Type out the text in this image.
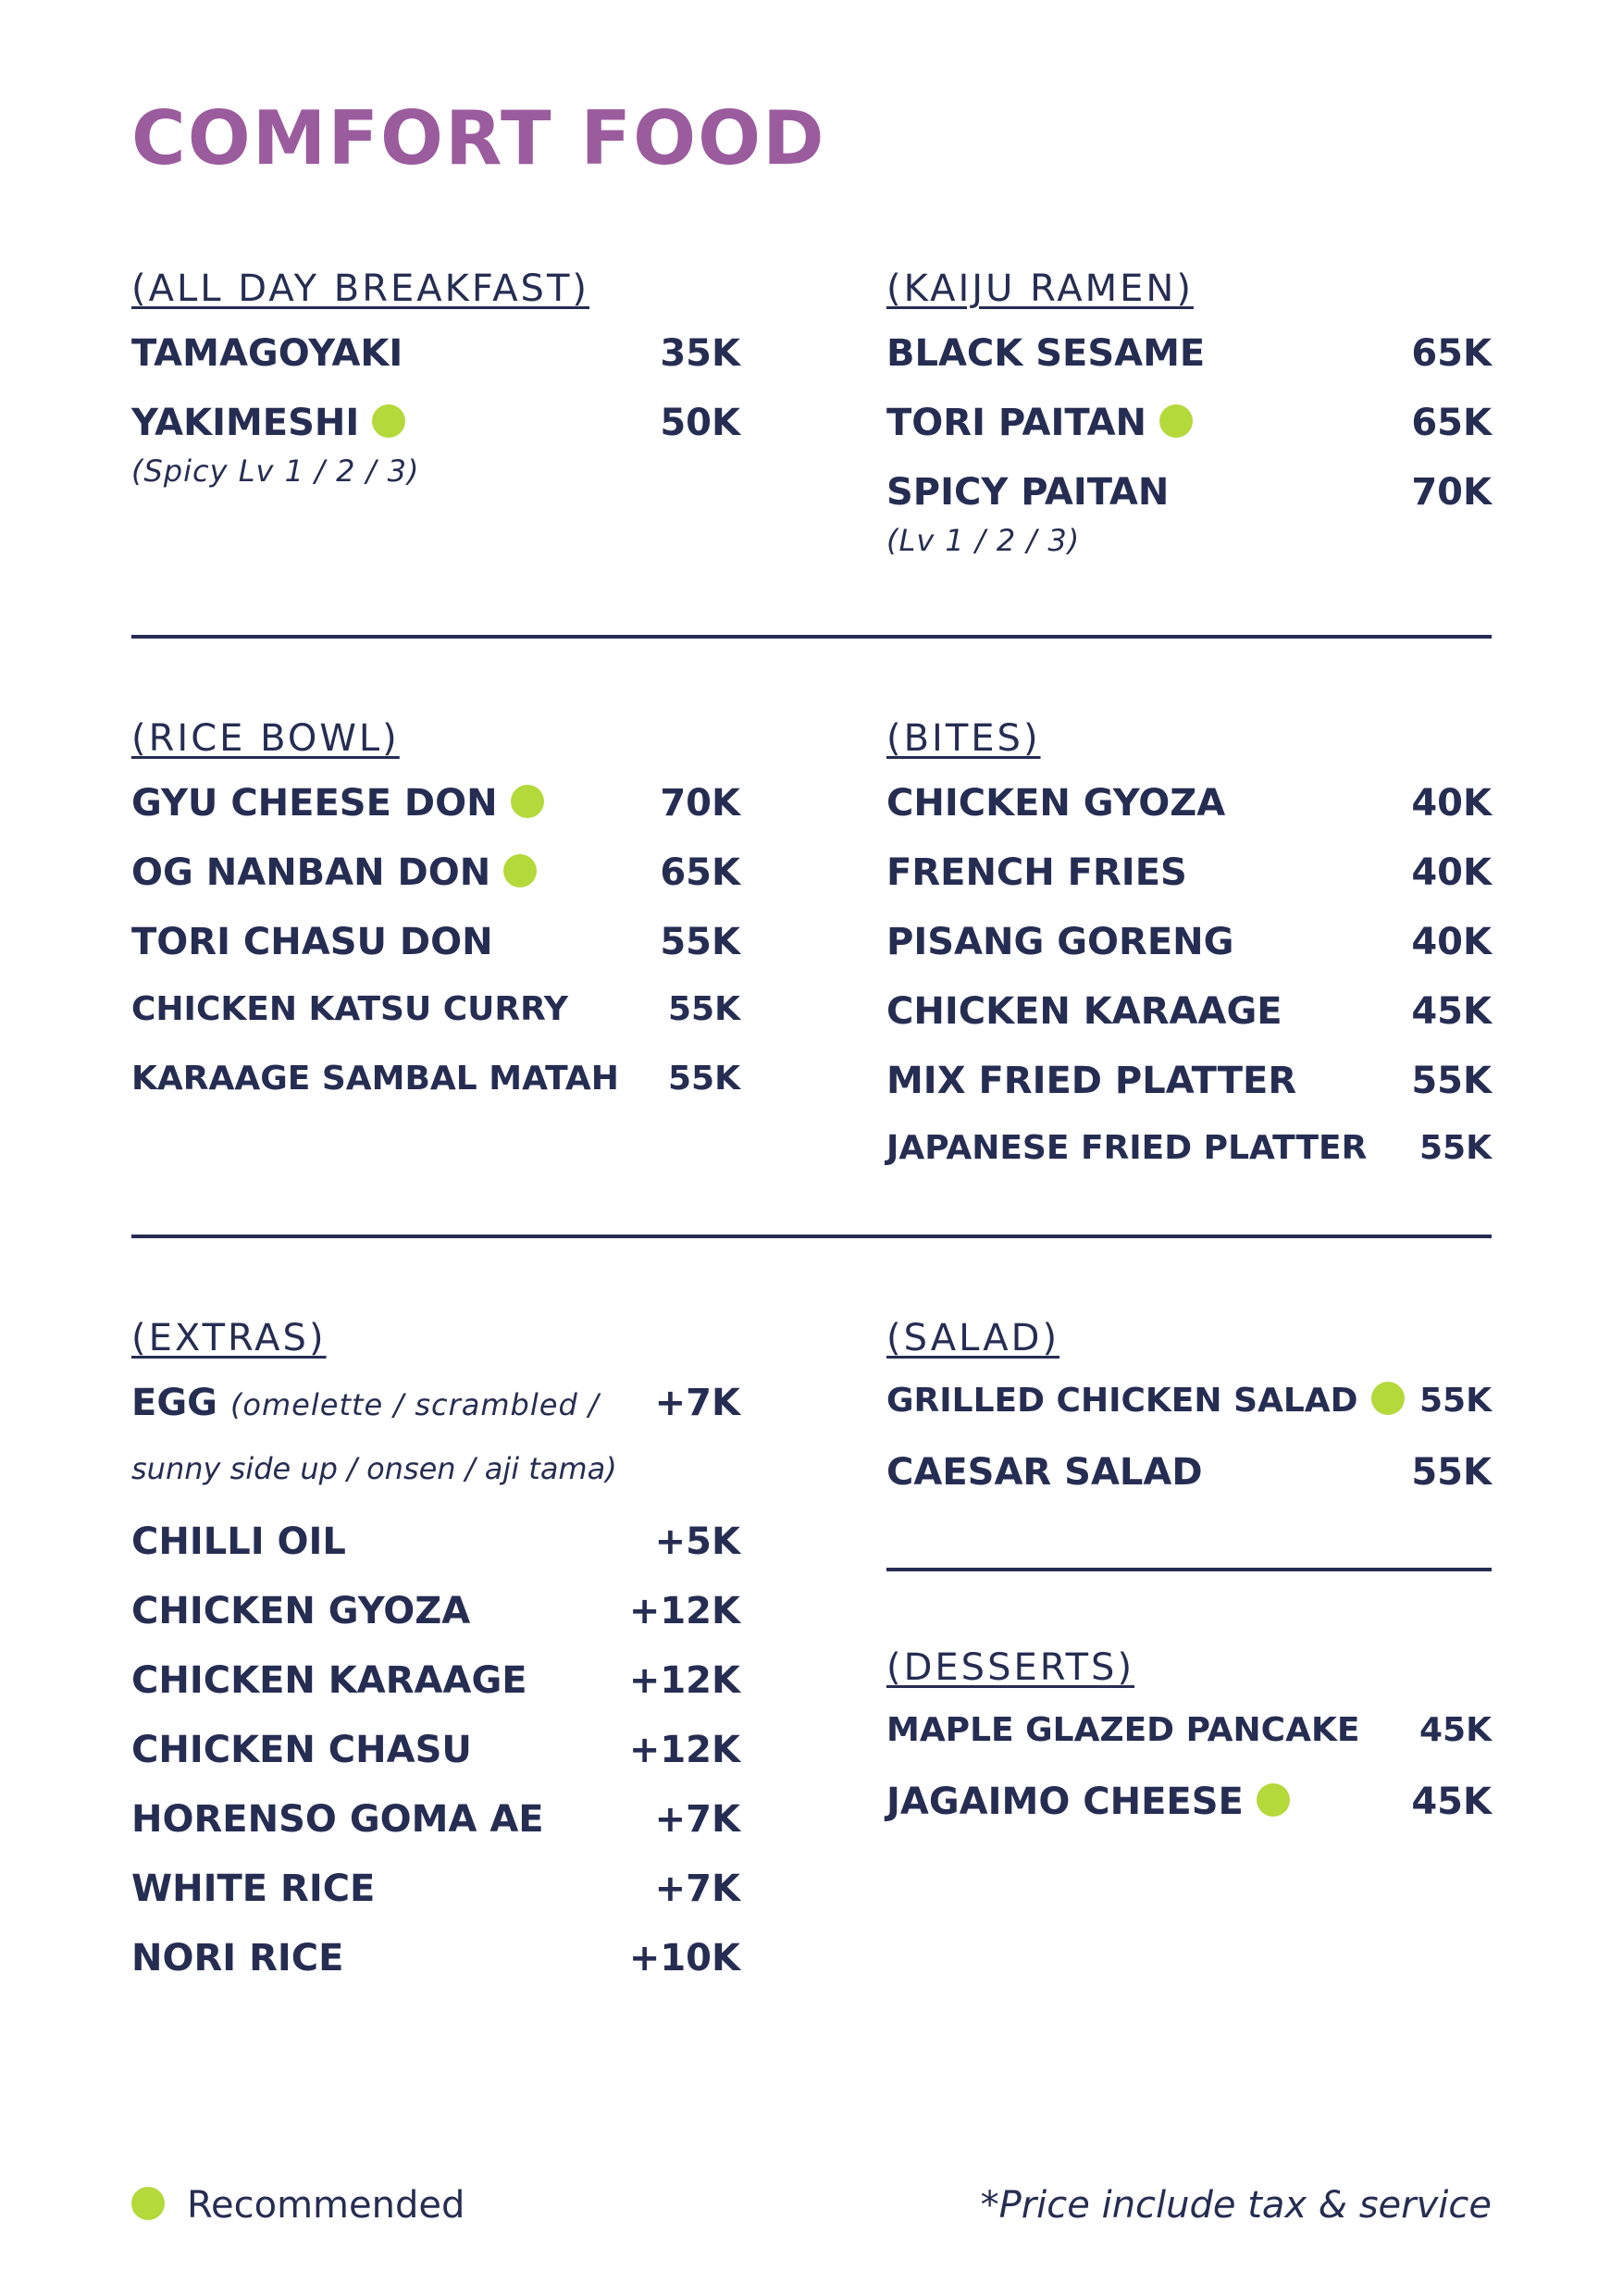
COMFORT FOOD
(ALL DAY BREAKFAST)
TAMAGOYAKI	35K
YAKIMESHI	50K
(Spicy Lv 1 / 2 / 3)
(KAIJU RAMEN)
BLACK SESAME	65K
TORI PAITAN	65K
SPICY PAITAN	70K
(Lv 1 / 2 / 3)
(RICE BOWL)
GYU CHEESE DON	70K
OG NANBAN DON	65K
TORI CHASU DON	55K
CHICKEN KATSU CURRY	55K
KARAAGE SAMBAL MATAH 55K
(BITES)
CHICKEN GYOZA	40K
FRENCH FRIES	40K
PISANG GORENG	40K
CHICKEN KARAAGE	45K
MIX FRIED PLATTER	55K
JAPANESE FRIED PLATTER 55K
(EXTRAS)
EGG (omelette / scrambled / +7K
sunny side up / onsen / aji tama)
CHILLI OIL	+5K
CHICKEN GYOZA	+12K
CHICKEN KARAAGE	+12K
CHICKEN CHASU	+12K
HORENSO GOMA AE	+7K
WHITE RICE	+7K
NORI RICE	+10K
(SALAD)
GRILLED CHICKEN SALAD	55K
CAESAR SALAD	55K
(DESSERTS)
MAPLE GLAZED PANCAKE 45K
JAGAIMO CHEESE	45K
Recommended	*Price include tax & service
